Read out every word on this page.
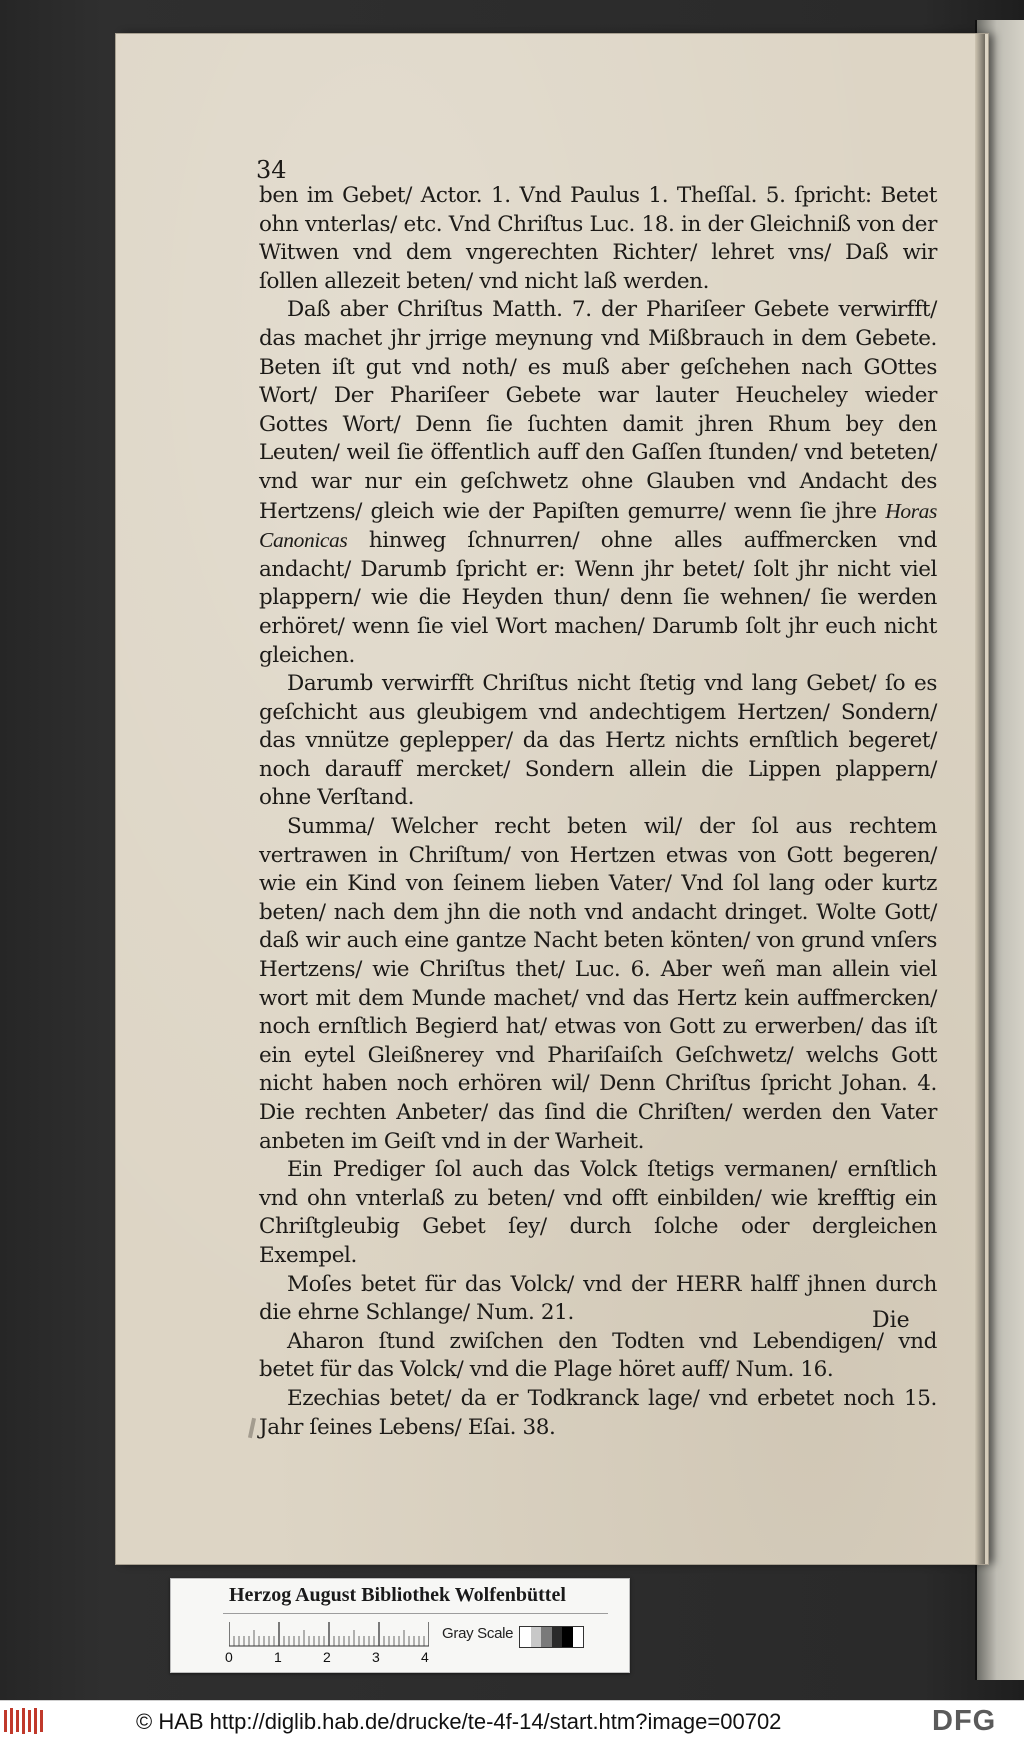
34

ben im Gebet/ Actor. 1. Vnd Paulus 1. Theſſal. 5. ſpricht: Betet ohn vnterlas/ etc. Vnd Chriſtus Luc. 18. in der Gleichniß von der Witwen vnd dem vngerechten Richter/ lehret vns/ Daß wir ſollen allezeit beten/ vnd nicht laß werden.

Daß aber Chriſtus Matth. 7. der Phariſeer Gebete verwirfft/ das machet jhr jrrige meynung vnd Mißbrauch in dem Gebete. Beten iſt gut vnd noth/ es muß aber geſchehen nach GOttes Wort/ Der Phariſeer Gebete war lauter Heucheley wieder Gottes Wort/ Denn ſie ſuchten damit jhren Rhum bey den Leuten/ weil ſie öffentlich auff den Gaſſen ſtunden/ vnd beteten/ vnd war nur ein geſchwetz ohne Glauben vnd Andacht des Hertzens/ gleich wie der Papiſten gemurre/ wenn ſie jhre Horas Canonicas hinweg ſchnurren/ ohne alles auffmercken vnd andacht/ Darumb ſpricht er: Wenn jhr betet/ ſolt jhr nicht viel plappern/ wie die Heyden thun/ denn ſie wehnen/ ſie werden erhöret/ wenn ſie viel Wort machen/ Darumb ſolt jhr euch nicht gleichen.

Darumb verwirfft Chriſtus nicht ſtetig vnd lang Gebet/ ſo es geſchicht aus gleubigem vnd andechtigem Hertzen/ Sondern/ das vnnütze geplepper/ da das Hertz nichts ernſtlich begeret/ noch darauff mercket/ Sondern allein die Lippen plappern/ ohne Verſtand.

Summa/ Welcher recht beten wil/ der ſol aus rechtem vertrawen in Chriſtum/ von Hertzen etwas von Gott begeren/ wie ein Kind von ſeinem lieben Vater/ Vnd ſol lang oder kurtz beten/ nach dem jhn die noth vnd andacht dringet. Wolte Gott/ daß wir auch eine gantze Nacht beten könten/ von grund vnſers Hertzens/ wie Chriſtus thet/ Luc. 6. Aber weñ man allein viel wort mit dem Munde machet/ vnd das Hertz kein auffmercken/ noch ernſtlich Begierd hat/ etwas von Gott zu erwerben/ das iſt ein eytel Gleißnerey vnd Phariſaiſch Geſchwetz/ welchs Gott nicht haben noch erhören wil/ Denn Chriſtus ſpricht Johan. 4. Die rechten Anbeter/ das ſind die Chriſten/ werden den Vater anbeten im Geiſt vnd in der Warheit.

Ein Prediger ſol auch das Volck ſtetigs vermanen/ ernſtlich vnd ohn vnterlaß zu beten/ vnd offt einbilden/ wie krefftig ein Chriſtgleubig Gebet ſey/ durch ſolche oder dergleichen Exempel.

Moſes betet für das Volck/ vnd der HERR halff jhnen durch die ehrne Schlange/ Num. 21.

Aharon ſtund zwiſchen den Todten vnd Lebendigen/ vnd betet für das Volck/ vnd die Plage höret auff/ Num. 16.

Ezechias betet/ da er Todkranck lage/ vnd erbetet noch 15. Jahr ſeines Lebens/ Eſai. 38.

Die
Herzog August Bibliothek Wolfenbüttel
0	1	2	3	4
Gray Scale
© HAB http://diglib.hab.de/drucke/te-4f-14/start.htm?image=00702	DFG
